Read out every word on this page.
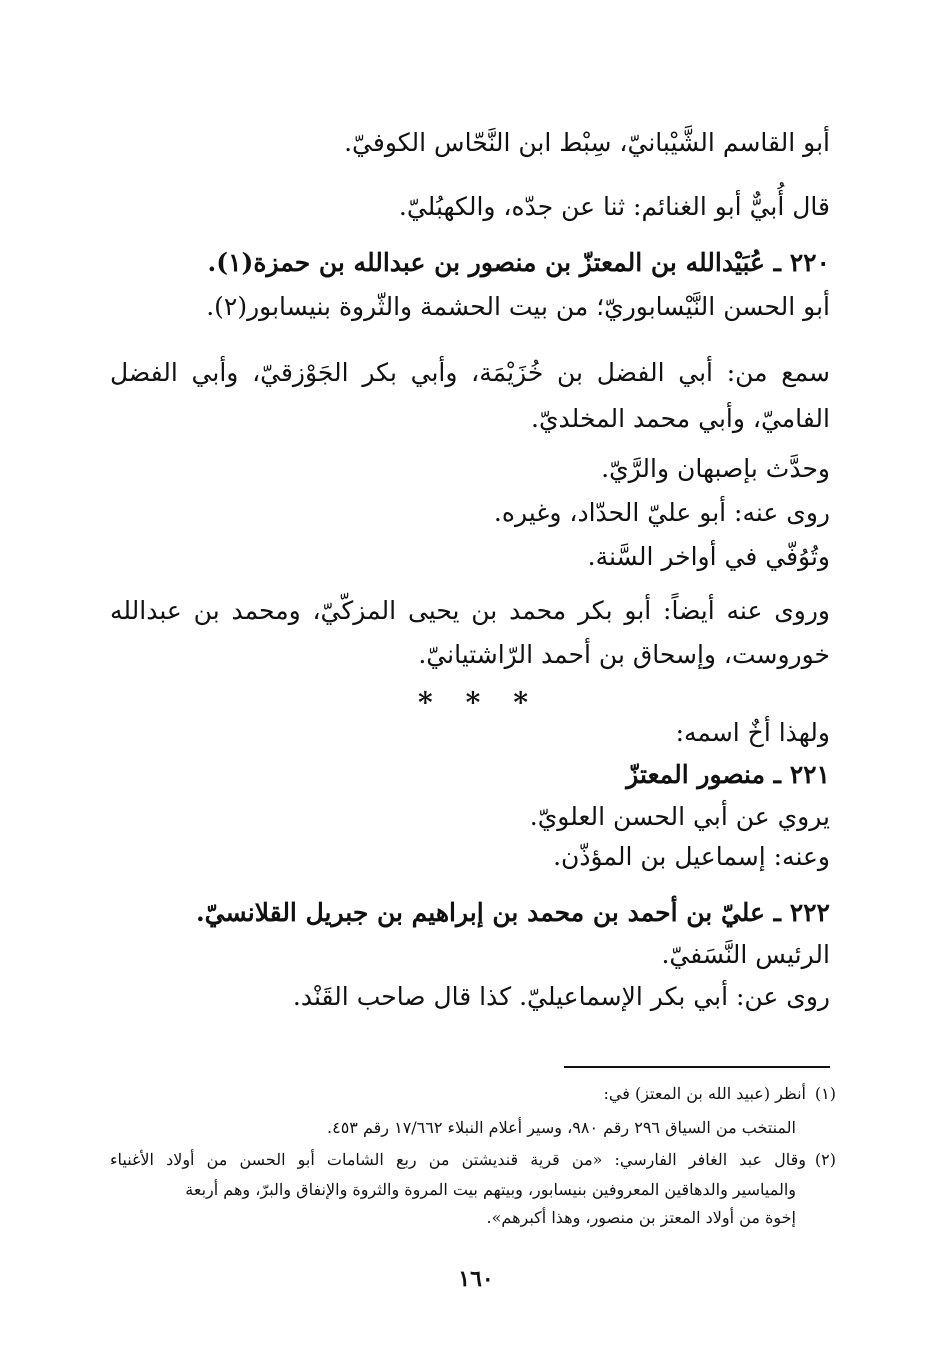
أبو القاسم الشَّيْبانيّ، سِبْط ابن النَّحّاس الكوفيّ.
قال أُبيٌّ أبو الغنائم: ثنا عن جدّه، والكهبُليّ.
٢٢٠ ـ عُبَيْدالله بن المعتزّ بن منصور بن عبدالله بن حمزة(١).
أبو الحسن النَّيْسابوريّ؛ من بيت الحشمة والثّروة بنيسابور(٢).
سمع من: أبي الفضل بن خُزَيْمَة، وأبي بكر الجَوْزقيّ، وأبي الفضل
الفاميّ، وأبي محمد المخلديّ.
وحدَّث بإصبهان والرَّيّ.
روى عنه: أبو عليّ الحدّاد، وغيره.
وتُوُفّي في أواخر السَّنة.
وروى عنه أيضاً: أبو بكر محمد بن يحيى المزكّيّ، ومحمد بن عبدالله
خوروست، وإسحاق بن أحمد الرّاشتيانيّ.
* * *
ولهذا أخٌ اسمه:
٢٢١ ـ منصور المعتزّ
يروي عن أبي الحسن العلويّ.
وعنه: إسماعيل بن المؤذّن.
٢٢٢ ـ عليّ بن أحمد بن محمد بن إبراهيم بن جبريل القلانسيّ.
الرئيس النَّسَفيّ.
روى عن: أبي بكر الإسماعيليّ. كذا قال صاحب القَنْد.
(١)أنظر (عبيد الله بن المعتز) في:
المنتخب من السياق ٢٩٦ رقم ٩٨٠، وسير أعلام النبلاء ١٧/٦٦٢ رقم ٤٥٣.
(٢)وقال عبد الغافر الفارسي: «من قرية قنديشتن من ربع الشامات أبو الحسن من أولاد الأغنياء
والمياسير والدهاقين المعروفين بنيسابور، وبيتهم بيت المروة والثروة والإنفاق والبرّ، وهم أربعة
إخوة من أولاد المعتز بن منصور، وهذا أكبرهم».
١٦٠
